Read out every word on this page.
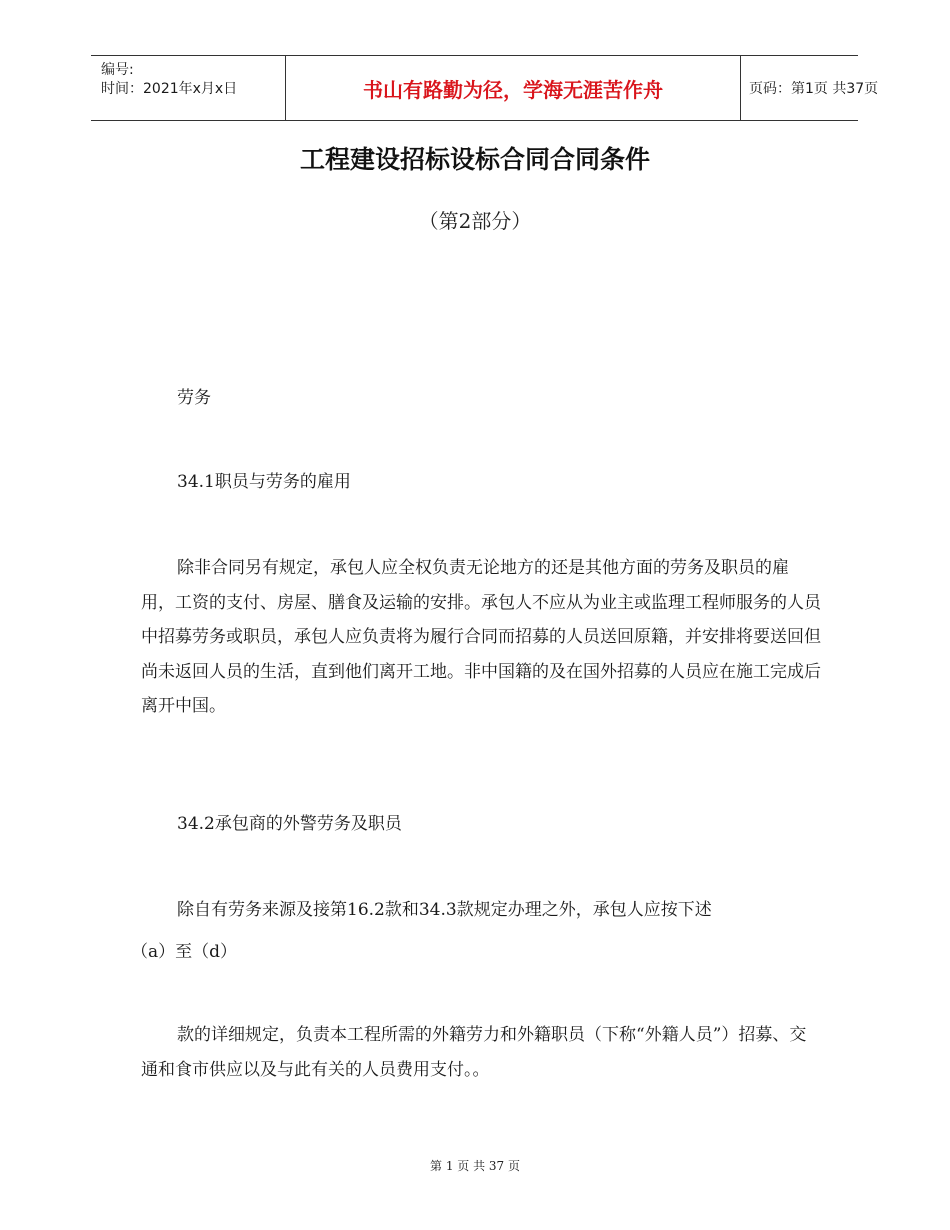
编号:
时间：2021年x月x日	书山有路勤为径，学海无涯苦作舟	页码：第1页 共37页
工程建设招标设标合同合同条件
（第2部分）
劳务
34.1职员与劳务的雇用
除非合同另有规定，承包人应全权负责无论地方的还是其他方面的劳务及职员的雇用，工资的支付、房屋、膳食及运输的安排。承包人不应从为业主或监理工程师服务的人员中招募劳务或职员，承包人应负责将为履行合同而招募的人员送回原籍，并安排将要送回但尚未返回人员的生活，直到他们离开工地。非中国籍的及在国外招募的人员应在施工完成后离开中国。
34.2承包商的外警劳务及职员
除自有劳务来源及接第16.2款和34.3款规定办理之外，承包人应按下述
（a）至（d）
款的详细规定，负责本工程所需的外籍劳力和外籍职员（下称“外籍人员”）招募、交通和食市供应以及与此有关的人员费用支付。。
第 1 页 共 37 页
